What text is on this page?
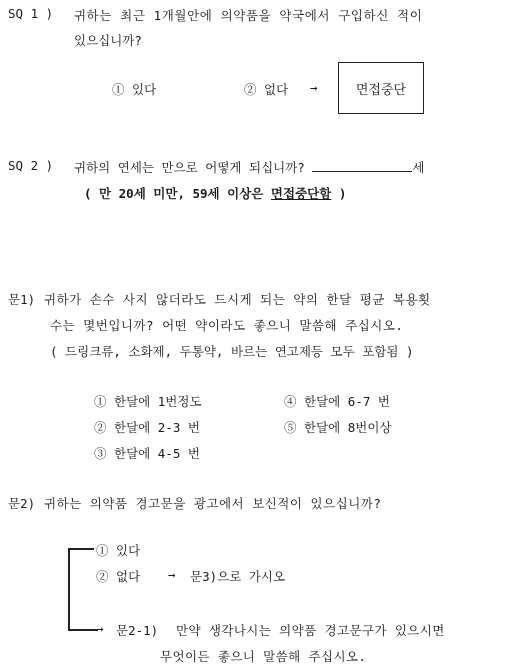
SQ 1 ) 귀하는 최근 1개월안에 의약품을 약국에서 구입하신 적이
있으십니까?
① 있다	② 없다 →	면접중단
SQ 2 ) 귀하의 연세는 만으로 어떻게 되십니까?	세
( 만 20세 미만, 59세 이상은 면접중단함 )
문1) 귀하가 손수 사지 않더라도 드시게 되는 약의 한달 평균 복용횟
수는 몇번입니까? 어떤 약이라도 좋으니 말씀해 주십시오.
( 드링크류, 소화제, 두통약, 바르는 연고제등 모두 포함됨 )
① 한달에 1번정도	④ 한달에 6-7 번
② 한달에 2-3 번	⑤ 한달에 8번이상
③ 한달에 4-5 번
문2) 귀하는 의약품 경고문을 광고에서 보신적이 있으십니까?
① 있다
② 없다 → 문3)으로 가시오
→ 문2-1) 만약 생각나시는 의약품 경고문구가 있으시면
무엇이든 좋으니 말씀해 주십시오.
